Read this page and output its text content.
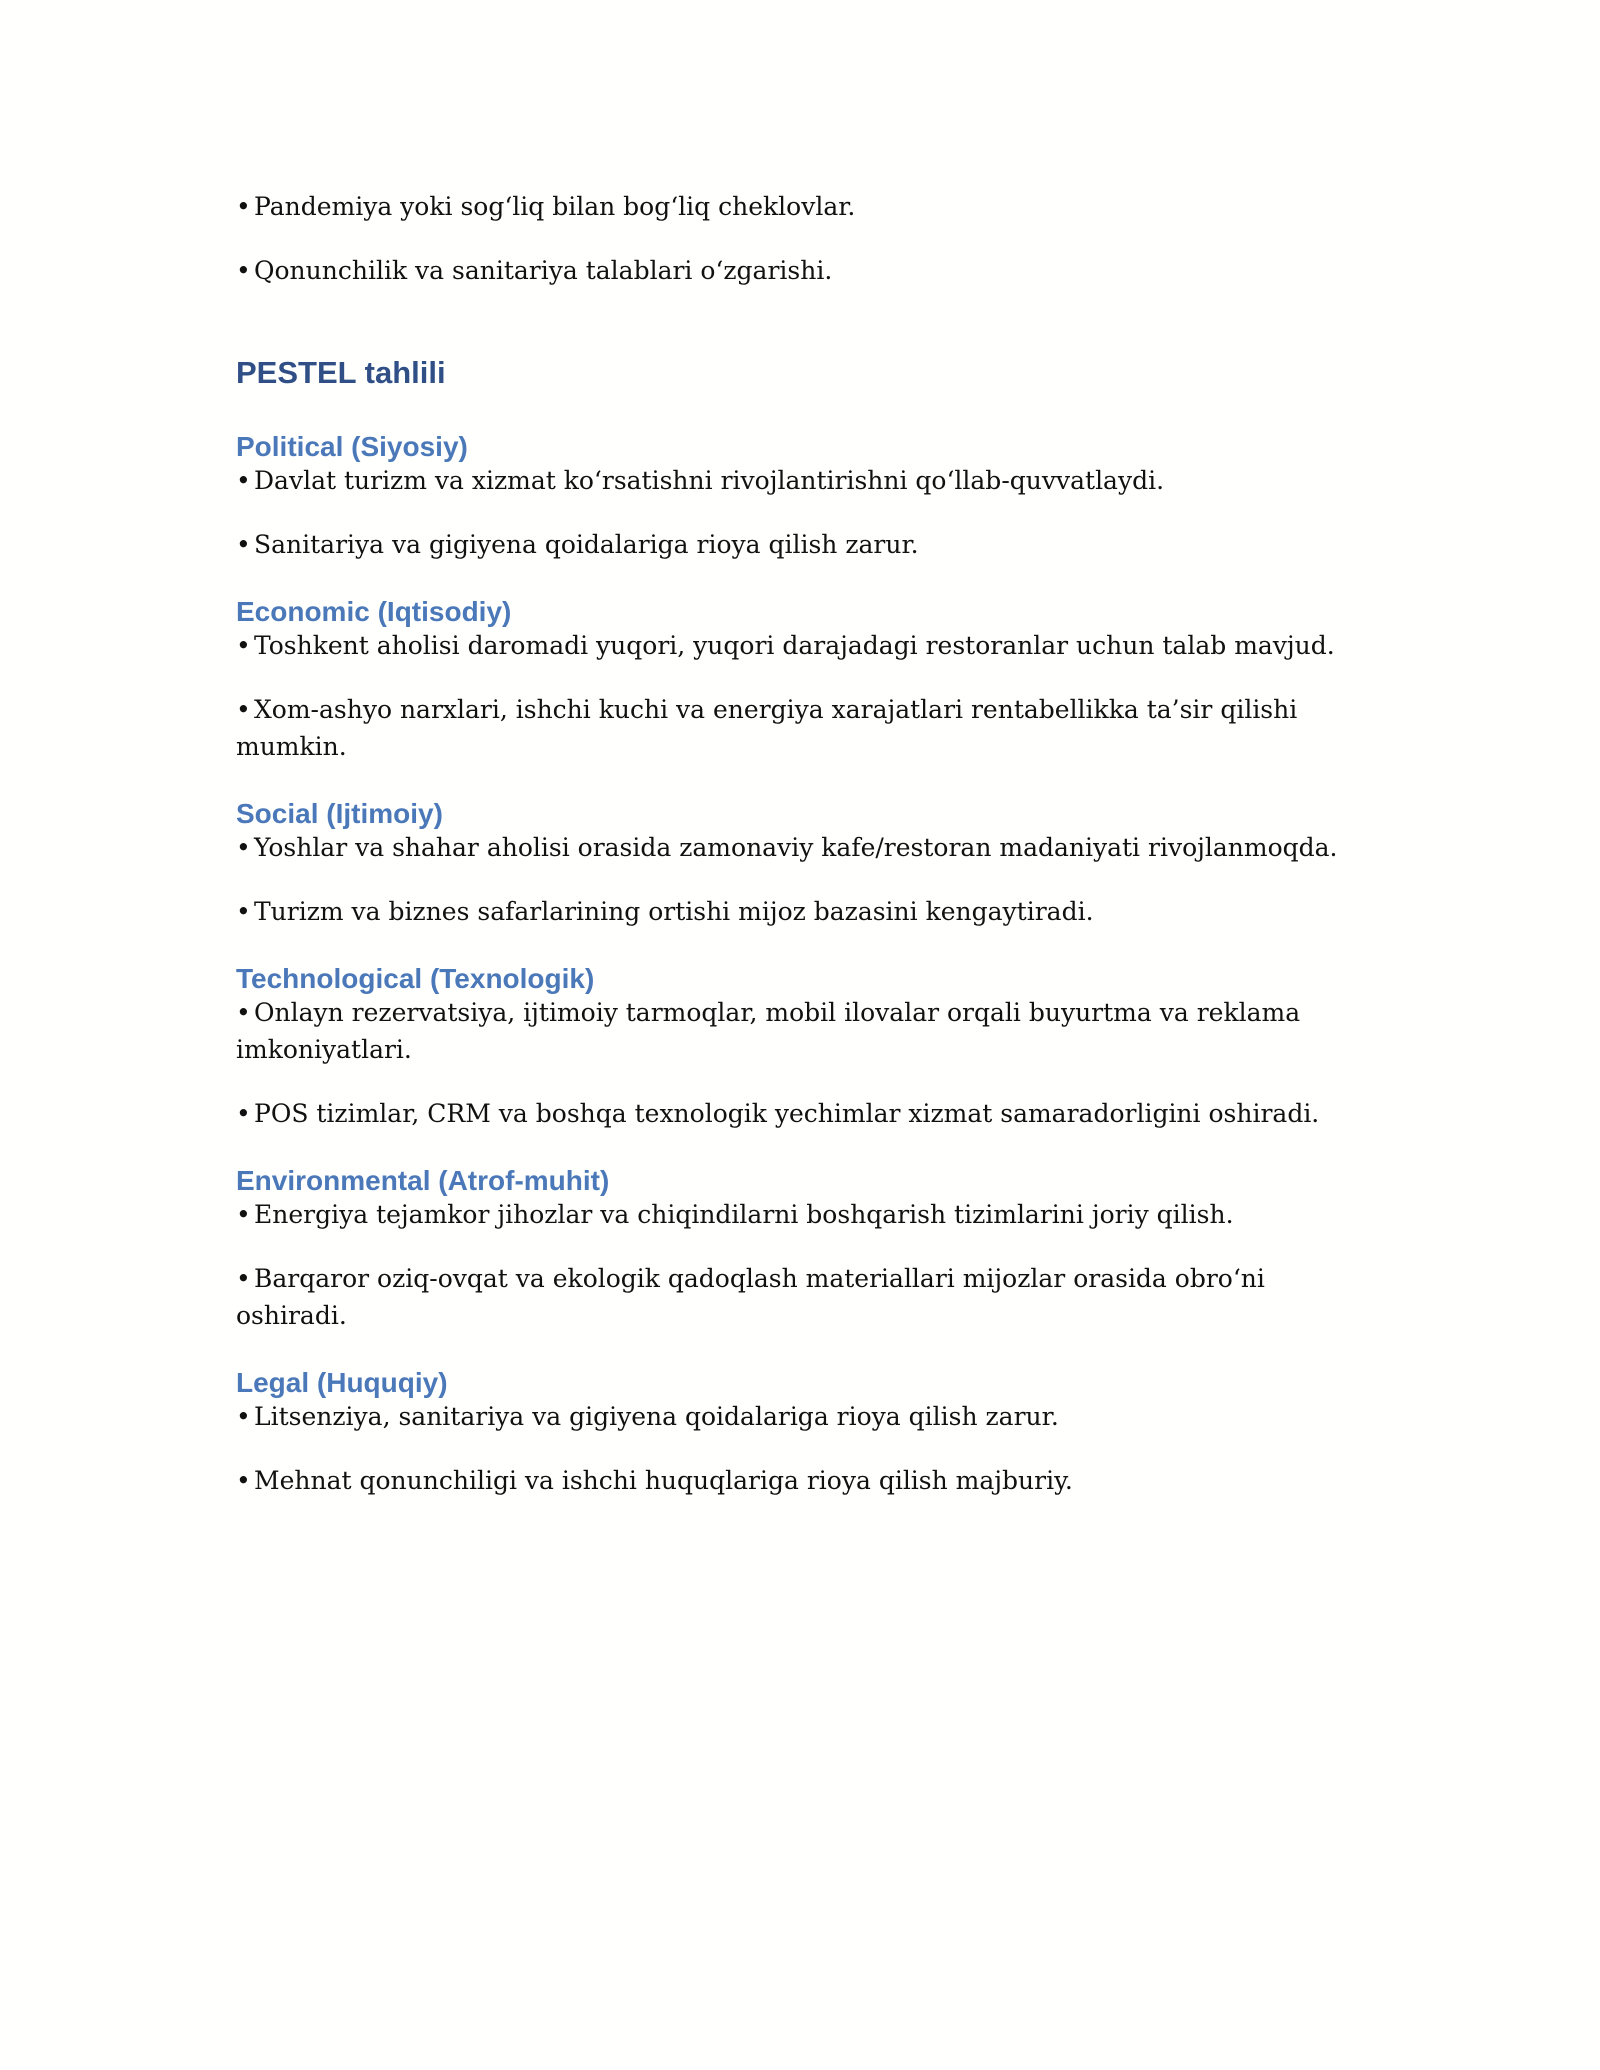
• Pandemiya yoki sog‘liq bilan bog‘liq cheklovlar.

• Qonunchilik va sanitariya talablari o‘zgarishi.

PESTEL tahlili
Political (Siyosiy)

• Davlat turizm va xizmat ko‘rsatishni rivojlantirishni qo‘llab-quvvatlaydi.

• Sanitariya va gigiyena qoidalariga rioya qilish zarur.

Economic (Iqtisodiy)

• Toshkent aholisi daromadi yuqori, yuqori darajadagi restoranlar uchun talab mavjud.

• Xom-ashyo narxlari, ishchi kuchi va energiya xarajatlari rentabellikka ta’sir qilishi mumkin.

Social (Ijtimoiy)

• Yoshlar va shahar aholisi orasida zamonaviy kafe/restoran madaniyati rivojlanmoqda.

• Turizm va biznes safarlarining ortishi mijoz bazasini kengaytiradi.

Technological (Texnologik)

• Onlayn rezervatsiya, ijtimoiy tarmoqlar, mobil ilovalar orqali buyurtma va reklama imkoniyatlari.

• POS tizimlar, CRM va boshqa texnologik yechimlar xizmat samaradorligini oshiradi.

Environmental (Atrof-muhit)

• Energiya tejamkor jihozlar va chiqindilarni boshqarish tizimlarini joriy qilish.

• Barqaror oziq-ovqat va ekologik qadoqlash materiallari mijozlar orasida obro‘ni oshiradi.

Legal (Huquqiy)

• Litsenziya, sanitariya va gigiyena qoidalariga rioya qilish zarur.

• Mehnat qonunchiligi va ishchi huquqlariga rioya qilish majburiy.
